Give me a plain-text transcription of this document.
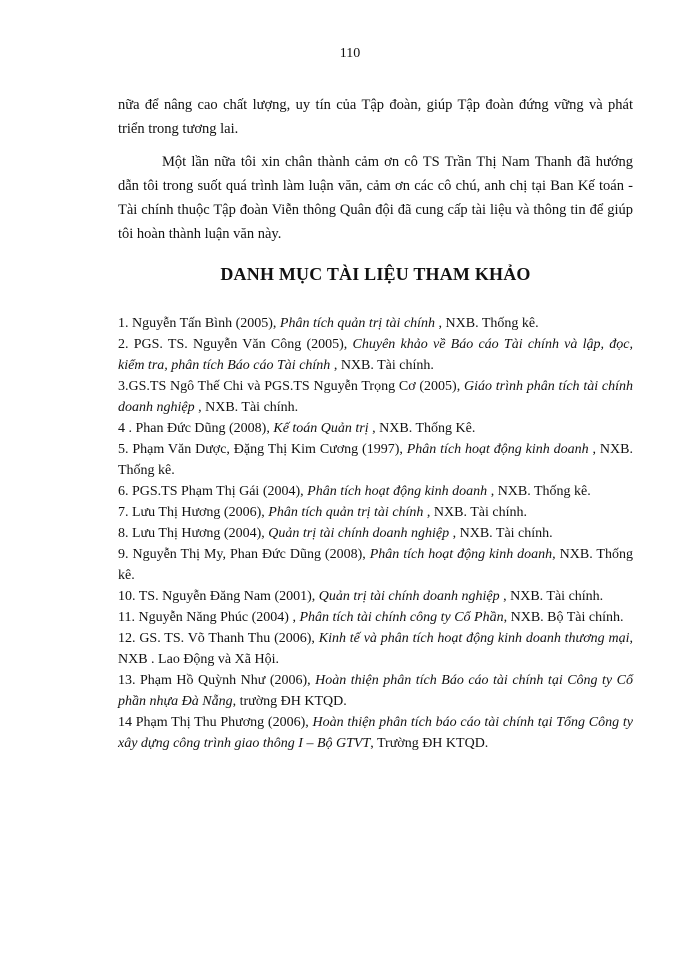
110

nữa để nâng cao chất lượng, uy tín của Tập đoàn, giúp Tập đoàn đứng vững và phát triển trong tương lai.

Một lần nữa tôi xin chân thành cảm ơn cô TS Trần Thị Nam Thanh đã hướng dẫn tôi trong suốt quá trình làm luận văn, cảm ơn các cô chú, anh chị tại Ban Kế toán - Tài chính thuộc Tập đoàn Viễn thông Quân đội đã cung cấp tài liệu và thông tin để giúp tôi hoàn thành luận văn này.

DANH MỤC TÀI LIỆU THAM KHẢO

1. Nguyễn Tấn Bình (2005), Phân tích quản trị tài chính , NXB. Thống kê.

2. PGS. TS. Nguyễn Văn Công (2005), Chuyên khảo về Báo cáo Tài chính và lập, đọc, kiểm tra, phân tích Báo cáo Tài chính , NXB. Tài chính.

3.GS.TS Ngô Thế Chi và PGS.TS Nguyễn Trọng Cơ (2005), Giáo trình phân tích tài chính doanh nghiệp , NXB. Tài chính.

4 . Phan Đức Dũng (2008), Kế toán Quản trị , NXB. Thống Kê.

5. Phạm Văn Dược, Đặng Thị Kim Cương (1997), Phân tích hoạt động kinh doanh , NXB. Thống kê.

6. PGS.TS Phạm Thị Gái (2004), Phân tích hoạt động kinh doanh , NXB. Thống kê.

7. Lưu Thị Hương (2006), Phân tích quản trị tài chính , NXB. Tài chính.

8. Lưu Thị Hương (2004), Quản trị tài chính doanh nghiệp , NXB. Tài chính.

9. Nguyễn Thị My, Phan Đức Dũng (2008), Phân tích hoạt động kinh doanh, NXB. Thống kê.

10. TS. Nguyễn Đăng Nam (2001), Quản trị tài chính doanh nghiệp , NXB. Tài chính.

11. Nguyễn Năng Phúc (2004) , Phân tích tài chính công ty Cổ Phần, NXB. Bộ Tài chính.

12. GS. TS. Võ Thanh Thu (2006), Kinh tế và phân tích hoạt động kinh doanh thương mại, NXB . Lao Động và Xã Hội.

13. Phạm Hồ Quỳnh Như (2006), Hoàn thiện phân tích Báo cáo tài chính tại Công ty Cổ phần nhựa Đà Nẵng, trường ĐH KTQD.

14 Phạm Thị Thu Phương (2006), Hoàn thiện phân tích báo cáo tài chính tại Tổng Công ty xây dựng công trình giao thông I – Bộ GTVT, Trường ĐH KTQD.
